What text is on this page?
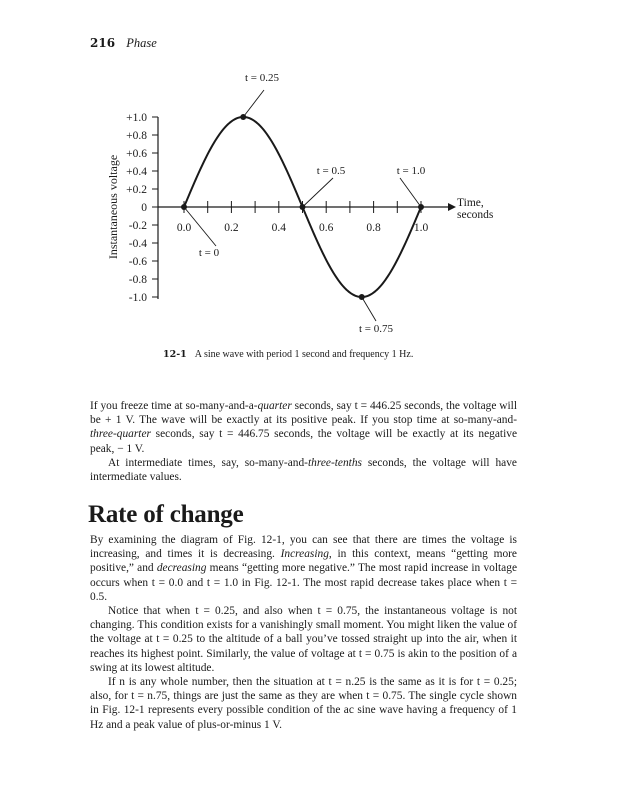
216 Phase
+1.0
+0.8
+0.6
+0.4
+0.2
0
-0.2
-0.4
-0.6
-0.8
-1.0
0.0	0.2	0.4	0.6	0.8	1.0
t = 0
t = 0.25
t = 0.5
t = 0.75
t = 1.0
Instantaneous voltage	Time,
seconds
12-1 A sine wave with period 1 second and frequency 1 Hz.

If you freeze time at so-many-and-a-quarter seconds, say t = 446.25 seconds, the voltage will be + 1 V. The wave will be exactly at its positive peak. If you stop time at so-many-and-three-quarter seconds, say t = 446.75 seconds, the voltage will be exactly at its negative peak, − 1 V.

At intermediate times, say, so-many-and-three-tenths seconds, the voltage will have intermediate values.

Rate of change

By examining the diagram of Fig. 12-1, you can see that there are times the voltage is increasing, and times it is decreasing. Increasing, in this context, means “getting more positive,” and decreasing means “getting more negative.” The most rapid increase in voltage occurs when t = 0.0 and t = 1.0 in Fig. 12-1. The most rapid decrease takes place when t = 0.5.

Notice that when t = 0.25, and also when t = 0.75, the instantaneous voltage is not changing. This condition exists for a vanishingly small moment. You might liken the value of the voltage at t = 0.25 to the altitude of a ball you’ve tossed straight up into the air, when it reaches its highest point. Similarly, the value of voltage at t = 0.75 is akin to the position of a swing at its lowest altitude.

If n is any whole number, then the situation at t = n.25 is the same as it is for t = 0.25; also, for t = n.75, things are just the same as they are when t = 0.75. The single cycle shown in Fig. 12-1 represents every possible condition of the ac sine wave having a frequency of 1 Hz and a peak value of plus-or-minus 1 V.
